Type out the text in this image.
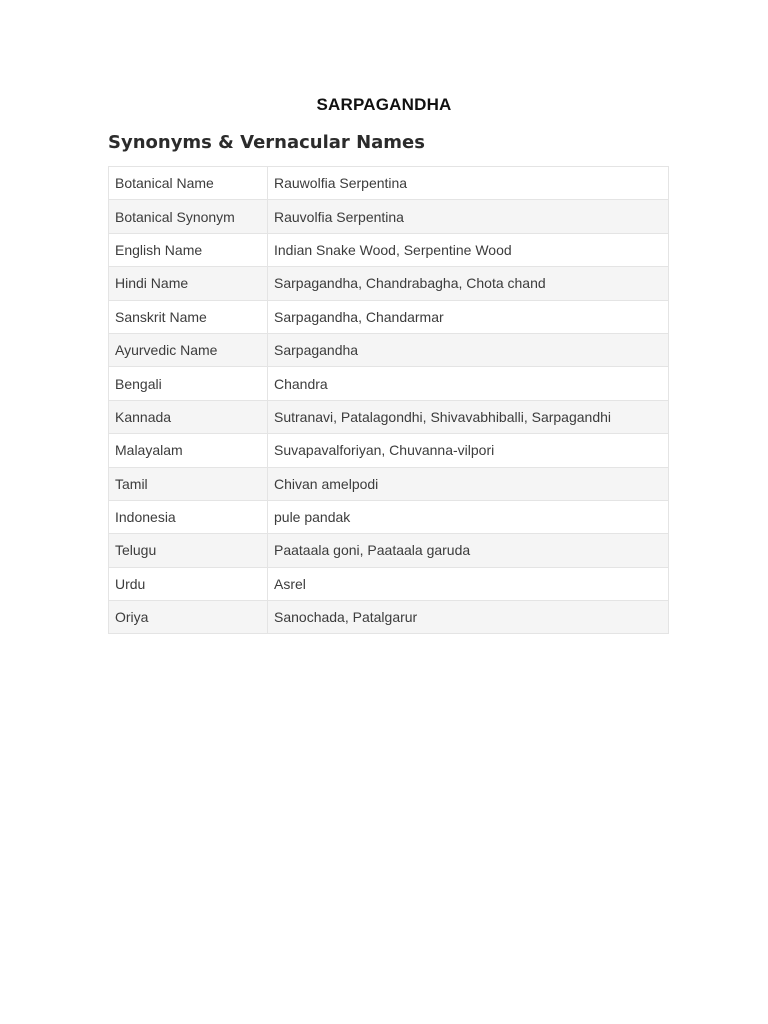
SARPAGANDHA
Synonyms & Vernacular Names
Botanical Name	Rauwolfia Serpentina
Botanical Synonym	Rauvolfia Serpentina
English Name	Indian Snake Wood, Serpentine Wood
Hindi Name	Sarpagandha, Chandrabagha, Chota chand
Sanskrit Name	Sarpagandha, Chandarmar
Ayurvedic Name	Sarpagandha
Bengali	Chandra
Kannada	Sutranavi, Patalagondhi, Shivavabhiballi, Sarpagandhi
Malayalam	Suvapavalforiyan, Chuvanna-vilpori
Tamil	Chivan amelpodi
Indonesia	pule pandak
Telugu	Paataala goni, Paataala garuda
Urdu	Asrel
Oriya	Sanochada, Patalgarur
